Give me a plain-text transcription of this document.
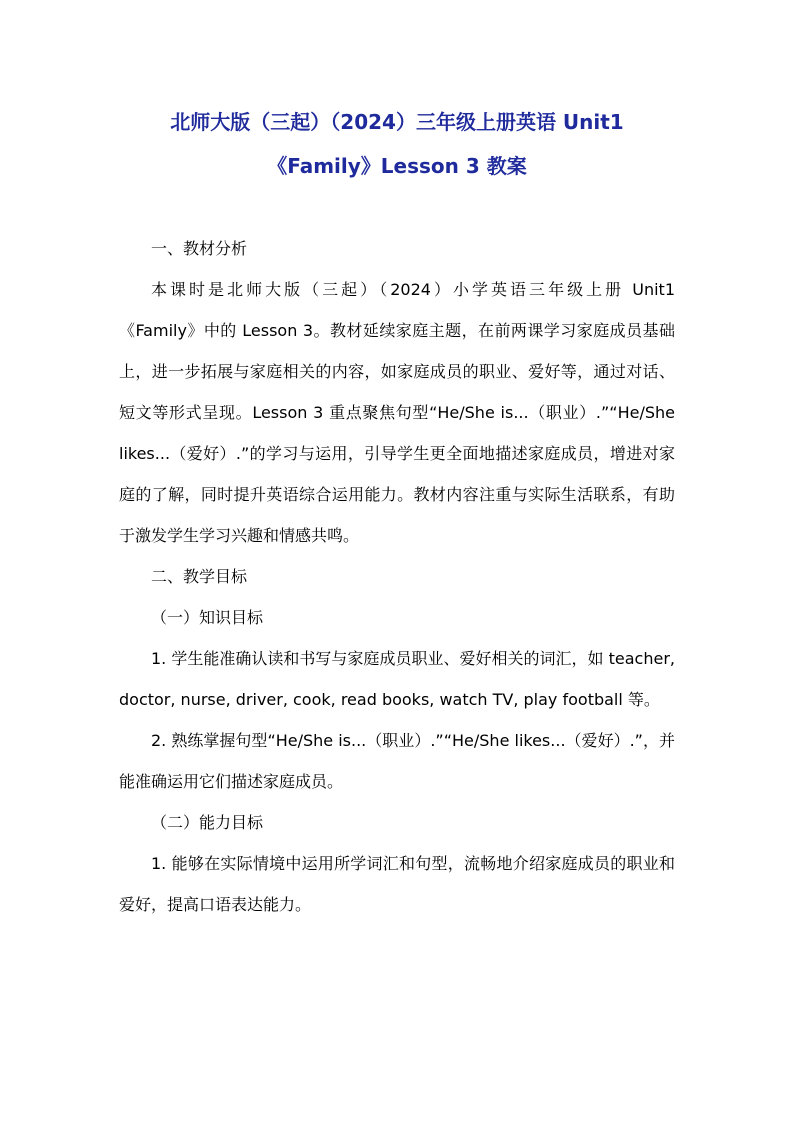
北师大版（三起）（2024）三年级上册英语 Unit1
《Family》Lesson 3 教案

一、教材分析

本课时是北师大版（三起）（2024）小学英语三年级上册 Unit1《Family》中的 Lesson 3。教材延续家庭主题，在前两课学习家庭成员基础上，进一步拓展与家庭相关的内容，如家庭成员的职业、爱好等，通过对话、短文等形式呈现。Lesson 3 重点聚焦句型“He/She is...（职业）.”“He/She likes...（爱好）.”的学习与运用，引导学生更全面地描述家庭成员，增进对家庭的了解，同时提升英语综合运用能力。教材内容注重与实际生活联系，有助于激发学生学习兴趣和情感共鸣。

二、教学目标

（一）知识目标

1. 学生能准确认读和书写与家庭成员职业、爱好相关的词汇，如 teacher, doctor, nurse, driver, cook, read books, watch TV, play football 等。

2. 熟练掌握句型“He/She is...（职业）.”“He/She likes...（爱好）.”，并能准确运用它们描述家庭成员。

（二）能力目标

1. 能够在实际情境中运用所学词汇和句型，流畅地介绍家庭成员的职业和爱好，提高口语表达能力。
